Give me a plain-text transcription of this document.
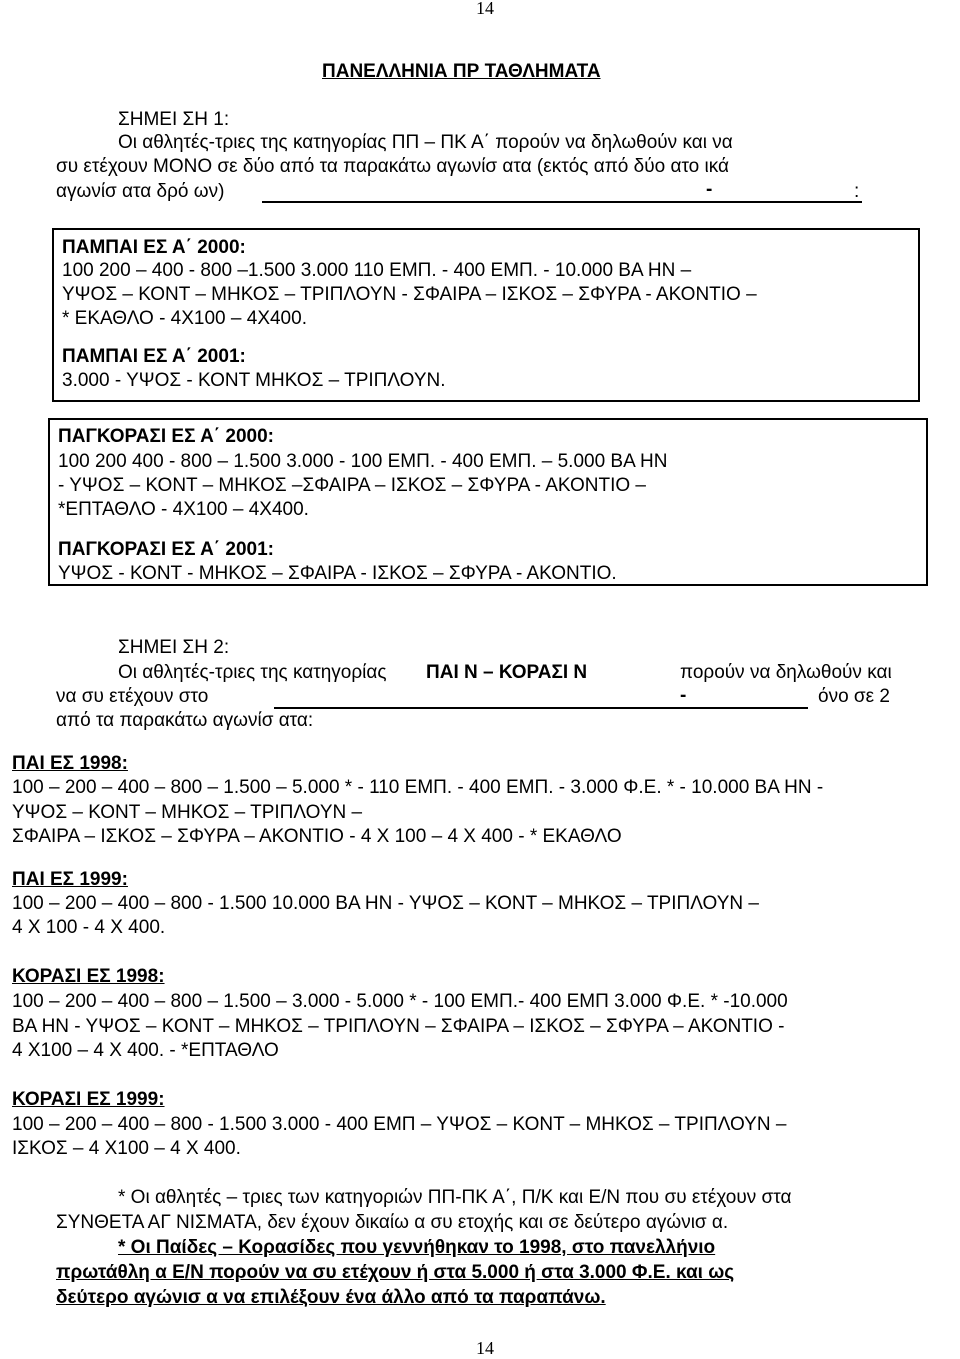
14
ΠΑΝΕΛΛΗΝΙΑ ΠΡ ΤΑΘΛΗΜΑΤΑ
ΣΗΜΕΙ ΣΗ 1:
Οι αθλητές-τριες της κατηγορίας ΠΠ – ΠΚ Α΄ πορούν να δηλωθούν και να
συ ετέχουν ΜΟΝΟ σε δύο από τα παρακάτω αγωνίσ ατα (εκτός από δύο ατο ικά
αγωνίσ ατα δρό ων)	-	:
ΠΑΜΠΑΙ ΕΣ Α΄ 2000:
100 200 – 400 - 800 –1.500 3.000 110 ΕΜΠ. - 400 ΕΜΠ. - 10.000 ΒΑ ΗΝ –
ΥΨΟΣ – ΚΟΝΤ – ΜΗΚΟΣ – ΤΡΙΠΛΟΥΝ - ΣΦΑΙΡΑ – ΙΣΚΟΣ – ΣΦΥΡΑ - ΑΚΟΝΤΙΟ –
* ΕΚΑΘΛΟ - 4Χ100 – 4Χ400.
ΠΑΜΠΑΙ ΕΣ Α΄ 2001:
3.000 - ΥΨΟΣ - ΚΟΝΤ ΜΗΚΟΣ – ΤΡΙΠΛΟΥΝ.
ΠΑΓΚΟΡΑΣΙ ΕΣ Α΄ 2000:
100 200 400 - 800 – 1.500 3.000 - 100 ΕΜΠ. - 400 ΕΜΠ. – 5.000 ΒΑ ΗΝ
- ΥΨΟΣ – ΚΟΝΤ – ΜΗΚΟΣ –ΣΦΑΙΡΑ – ΙΣΚΟΣ – ΣΦΥΡΑ - ΑΚΟΝΤΙΟ –
*ΕΠΤΑΘΛΟ - 4Χ100 – 4Χ400.
ΠΑΓΚΟΡΑΣΙ ΕΣ Α΄ 2001:
ΥΨΟΣ - ΚΟΝΤ - ΜΗΚΟΣ – ΣΦΑΙΡΑ - ΙΣΚΟΣ – ΣΦΥΡΑ - ΑΚΟΝΤΙΟ.
ΣΗΜΕΙ ΣΗ 2:
Οι αθλητές-τριες της κατηγορίας ΠΑΙ Ν – ΚΟΡΑΣΙ Ν	πορούν να δηλωθούν και
να συ ετέχουν στο	-	όνο σε 2
από τα παρακάτω αγωνίσ ατα:
ΠΑΙ ΕΣ 1998:
100 – 200 – 400 – 800 – 1.500 – 5.000 * - 110 ΕΜΠ. - 400 ΕΜΠ. - 3.000 Φ.Ε. * - 10.000 ΒΑ ΗΝ -
ΥΨΟΣ – ΚΟΝΤ – ΜΗΚΟΣ – ΤΡΙΠΛΟΥΝ –
ΣΦΑΙΡΑ – ΙΣΚΟΣ – ΣΦΥΡΑ – ΑΚΟΝΤΙΟ - 4 Χ 100 – 4 Χ 400 - * ΕΚΑΘΛΟ
ΠΑΙ ΕΣ 1999:
100 – 200 – 400 – 800 - 1.500 10.000 ΒΑ ΗΝ - ΥΨΟΣ – ΚΟΝΤ – ΜΗΚΟΣ – ΤΡΙΠΛΟΥΝ –
4 Χ 100 - 4 Χ 400.
ΚΟΡΑΣΙ ΕΣ 1998:
100 – 200 – 400 – 800 – 1.500 – 3.000 - 5.000 * - 100 ΕΜΠ.- 400 ΕΜΠ 3.000 Φ.Ε. * -10.000
ΒΑ ΗΝ - ΥΨΟΣ – ΚΟΝΤ – ΜΗΚΟΣ – ΤΡΙΠΛΟΥΝ – ΣΦΑΙΡΑ – ΙΣΚΟΣ – ΣΦΥΡΑ – ΑΚΟΝΤΙΟ -
4 Χ100 – 4 Χ 400. - *ΕΠΤΑΘΛΟ
ΚΟΡΑΣΙ ΕΣ 1999:
100 – 200 – 400 – 800 - 1.500 3.000 - 400 ΕΜΠ – ΥΨΟΣ – ΚΟΝΤ – ΜΗΚΟΣ – ΤΡΙΠΛΟΥΝ –
ΙΣΚΟΣ – 4 Χ100 – 4 Χ 400.
* Οι αθλητές – τριες των κατηγοριών ΠΠ-ΠΚ Α΄, Π/Κ και Ε/Ν που συ ετέχουν στα
ΣΥΝΘΕΤΑ ΑΓ ΝΙΣΜΑΤΑ, δεν έχουν δικαίω α συ ετοχής και σε δεύτερο αγώνισ α.
* Οι Παίδες – Κορασίδες που γεννήθηκαν το 1998, στο πανελλήνιο
πρωτάθλη α Ε/Ν πορούν να συ ετέχουν ή στα 5.000 ή στα 3.000 Φ.Ε. και ως
δεύτερο αγώνισ α να επιλέξουν ένα άλλο από τα παραπάνω.
14
